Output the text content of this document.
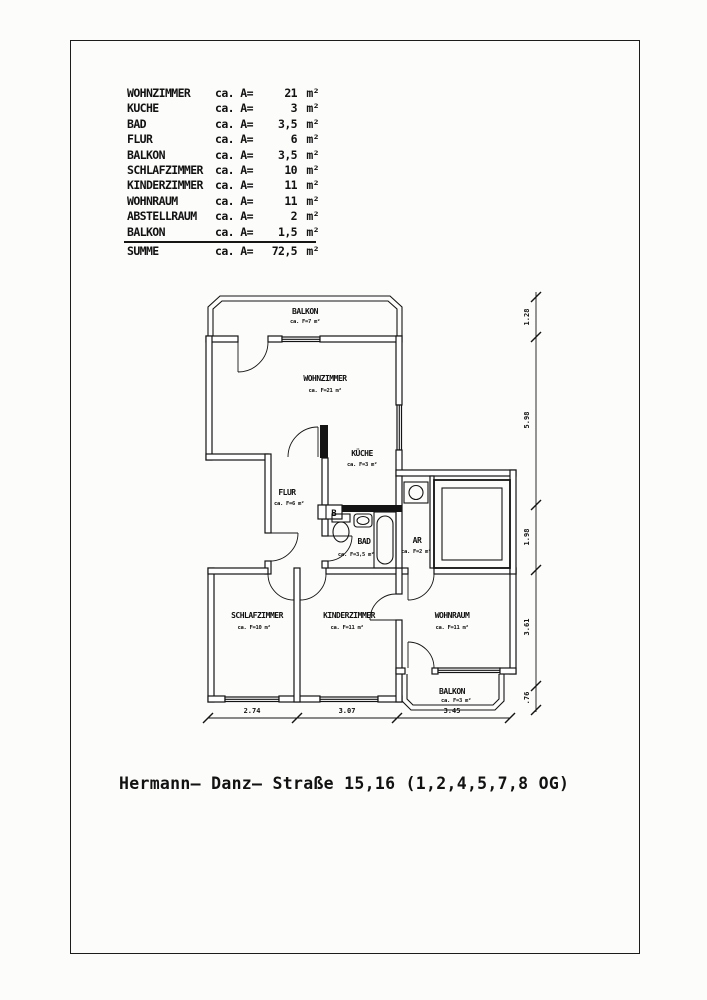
WOHNZIMMER	ca. A=	21 m²
KUCHE	ca. A=	3 m²
BAD	ca. A=	3,5 m²
FLUR	ca. A=	6 m²
BALKON	ca. A=	3,5 m²
SCHLAFZIMMER	ca. A=	10 m²
KINDERZIMMER	ca. A=	11 m²
WOHNRAUM	ca. A=	11 m²
ABSTELLRAUM	ca. A=	2 m²
BALKON	ca. A=	1,5 m²
SUMME	ca. A=	72,5 m²
B
2.74	3.07	3.45
1.28
5.98
1.98
3.61
.76
BALKON
ca. F=7 m²
WOHNZIMMER
ca. F=21 m²
KÜCHE
ca. F=3 m²
FLUR
ca. F=6 m²
BAD
ca. F=3,5 m²
AR
ca. F=2 m²
SCHLAFZIMMER
ca. F=10 m²
KINDERZIMMER
ca. F=11 m²
WOHNRAUM
ca. F=11 m²
BALKON
ca. F=3 m²
Hermann— Danz— Straße 15,16 (1,2,4,5,7,8 OG)
